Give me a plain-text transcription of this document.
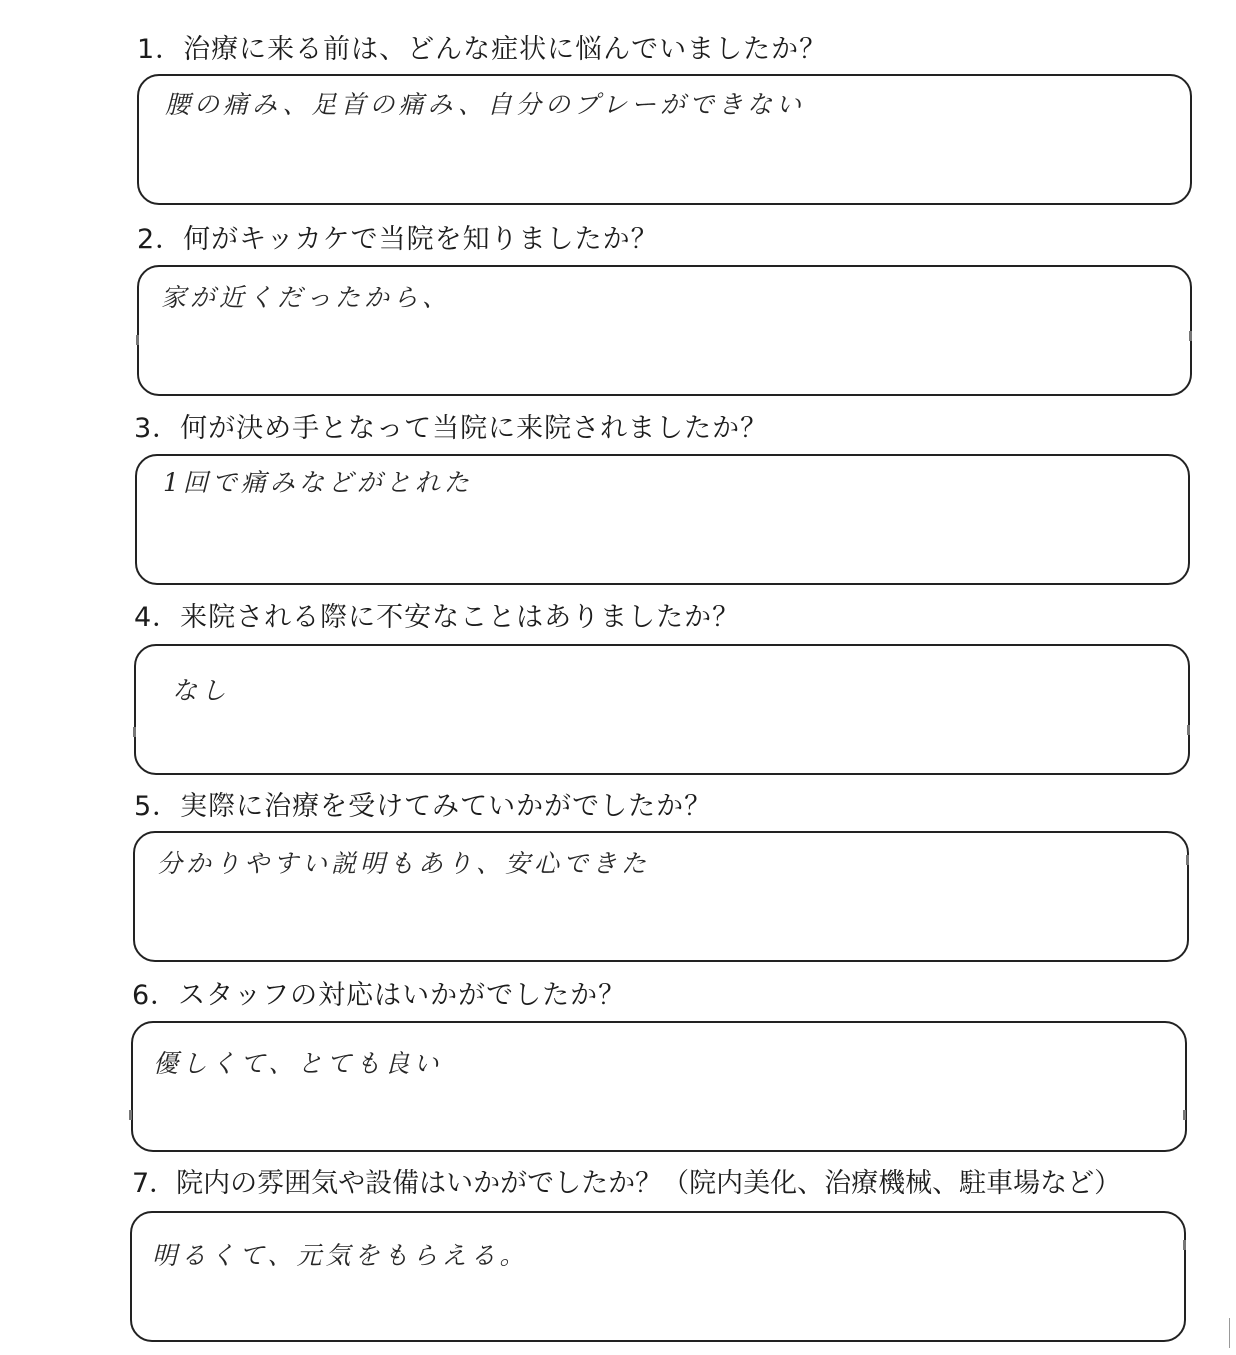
1．治療に来る前は、どんな症状に悩んでいましたか？
腰の痛み、足首の痛み、自分のプレーができない
2．何がキッカケで当院を知りましたか？
家が近くだったから、
3．何が決め手となって当院に来院されましたか？
1回で痛みなどがとれた
4．来院される際に不安なことはありましたか？
なし
5．実際に治療を受けてみていかがでしたか？
分かりやすい説明もあり、安心できた
6．スタッフの対応はいかがでしたか？
優しくて、とても良い
7．院内の雰囲気や設備はいかがでしたか？（院内美化、治療機械、駐車場など）
明るくて、元気をもらえる。
